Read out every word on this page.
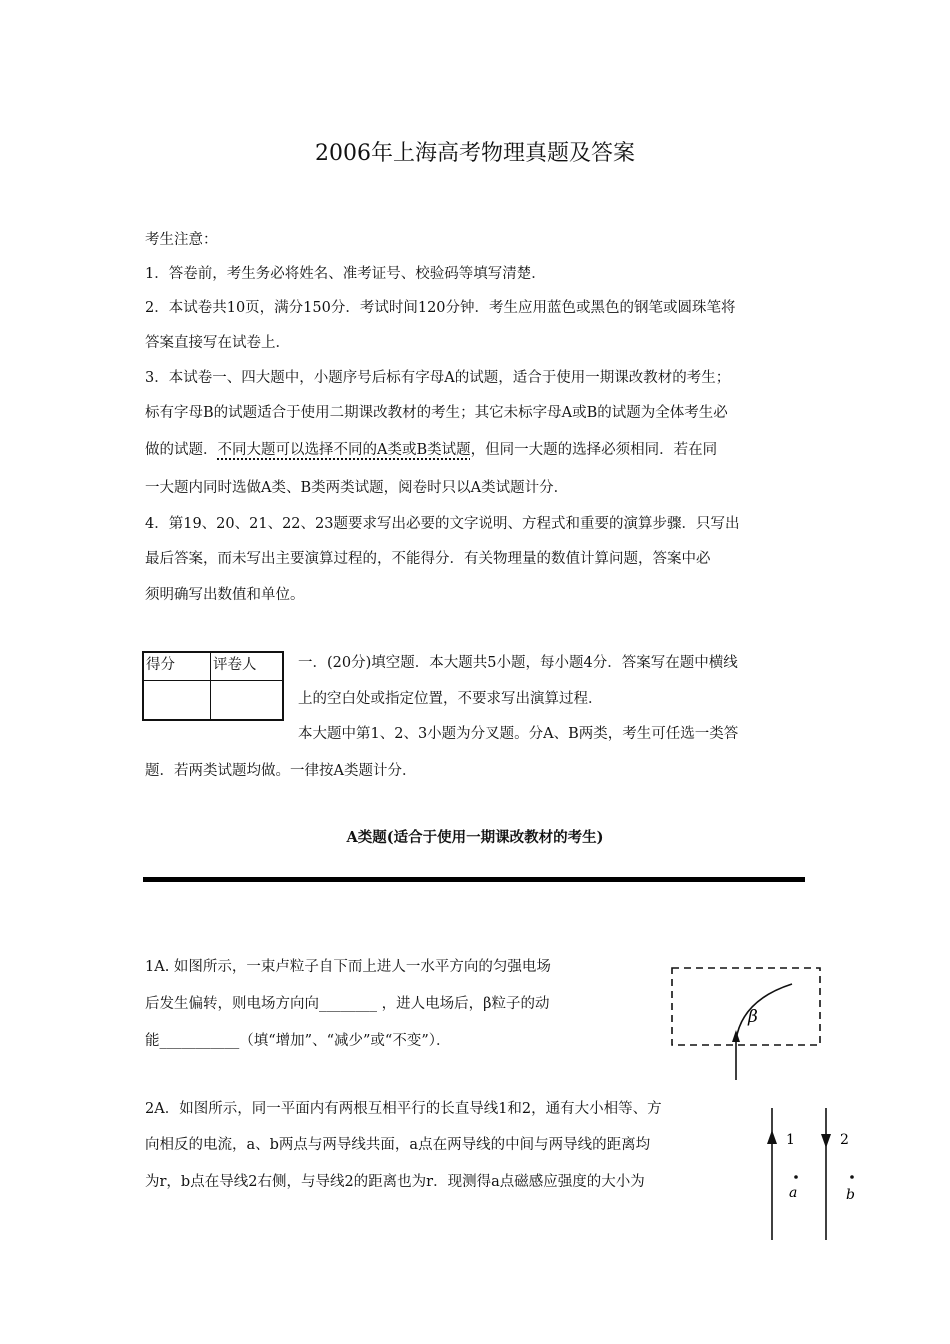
2006年上海高考物理真题及答案
考生注意：
1．答卷前，考生务必将姓名、准考证号、校验码等填写清楚．
2．本试卷共10页，满分150分．考试时间120分钟．考生应用蓝色或黑色的钢笔或圆珠笔将
答案直接写在试卷上．
3．本试卷一、四大题中，小题序号后标有字母A的试题，适合于使用一期课改教材的考生；
标有字母B的试题适合于使用二期课改教材的考生；其它未标字母A或B的试题为全体考生必
做的试题．不同大题可以选择不同的A类或B类试题，但同一大题的选择必须相同．若在同
一大题内同时选做A类、B类两类试题，阅卷时只以A类试题计分．
4．第19、20、21、22、23题要求写出必要的文字说明、方程式和重要的演算步骤．只写出
最后答案，而未写出主要演算过程的，不能得分．有关物理量的数值计算问题，答案中必
须明确写出数值和单位。
得分	评卷人
		一．(20分)填空题．本大题共5小题，每小题4分．答案写在题中横线
上的空白处或指定位置，不要求写出演算过程．
本大题中第1、2、3小题为分叉题。分A、B两类，考生可任选一类答
题．若两类试题均做。一律按A类题计分．
A类题(适合于使用一期课改教材的考生)
1A. 如图所示，一束卢粒子自下而上进人一水平方向的匀强电场
后发生偏转，则电场方向向________ ，进人电场后，β粒子的动
能___________（填“增加”、“减少”或“不变”）．
β
2A．如图所示，同一平面内有两根互相平行的长直导线1和2，通有大小相等、方
向相反的电流，a、b两点与两导线共面，a点在两导线的中间与两导线的距离均
为r，b点在导线2右侧，与导线2的距离也为r．现测得a点磁感应强度的大小为
1	2
a	b
